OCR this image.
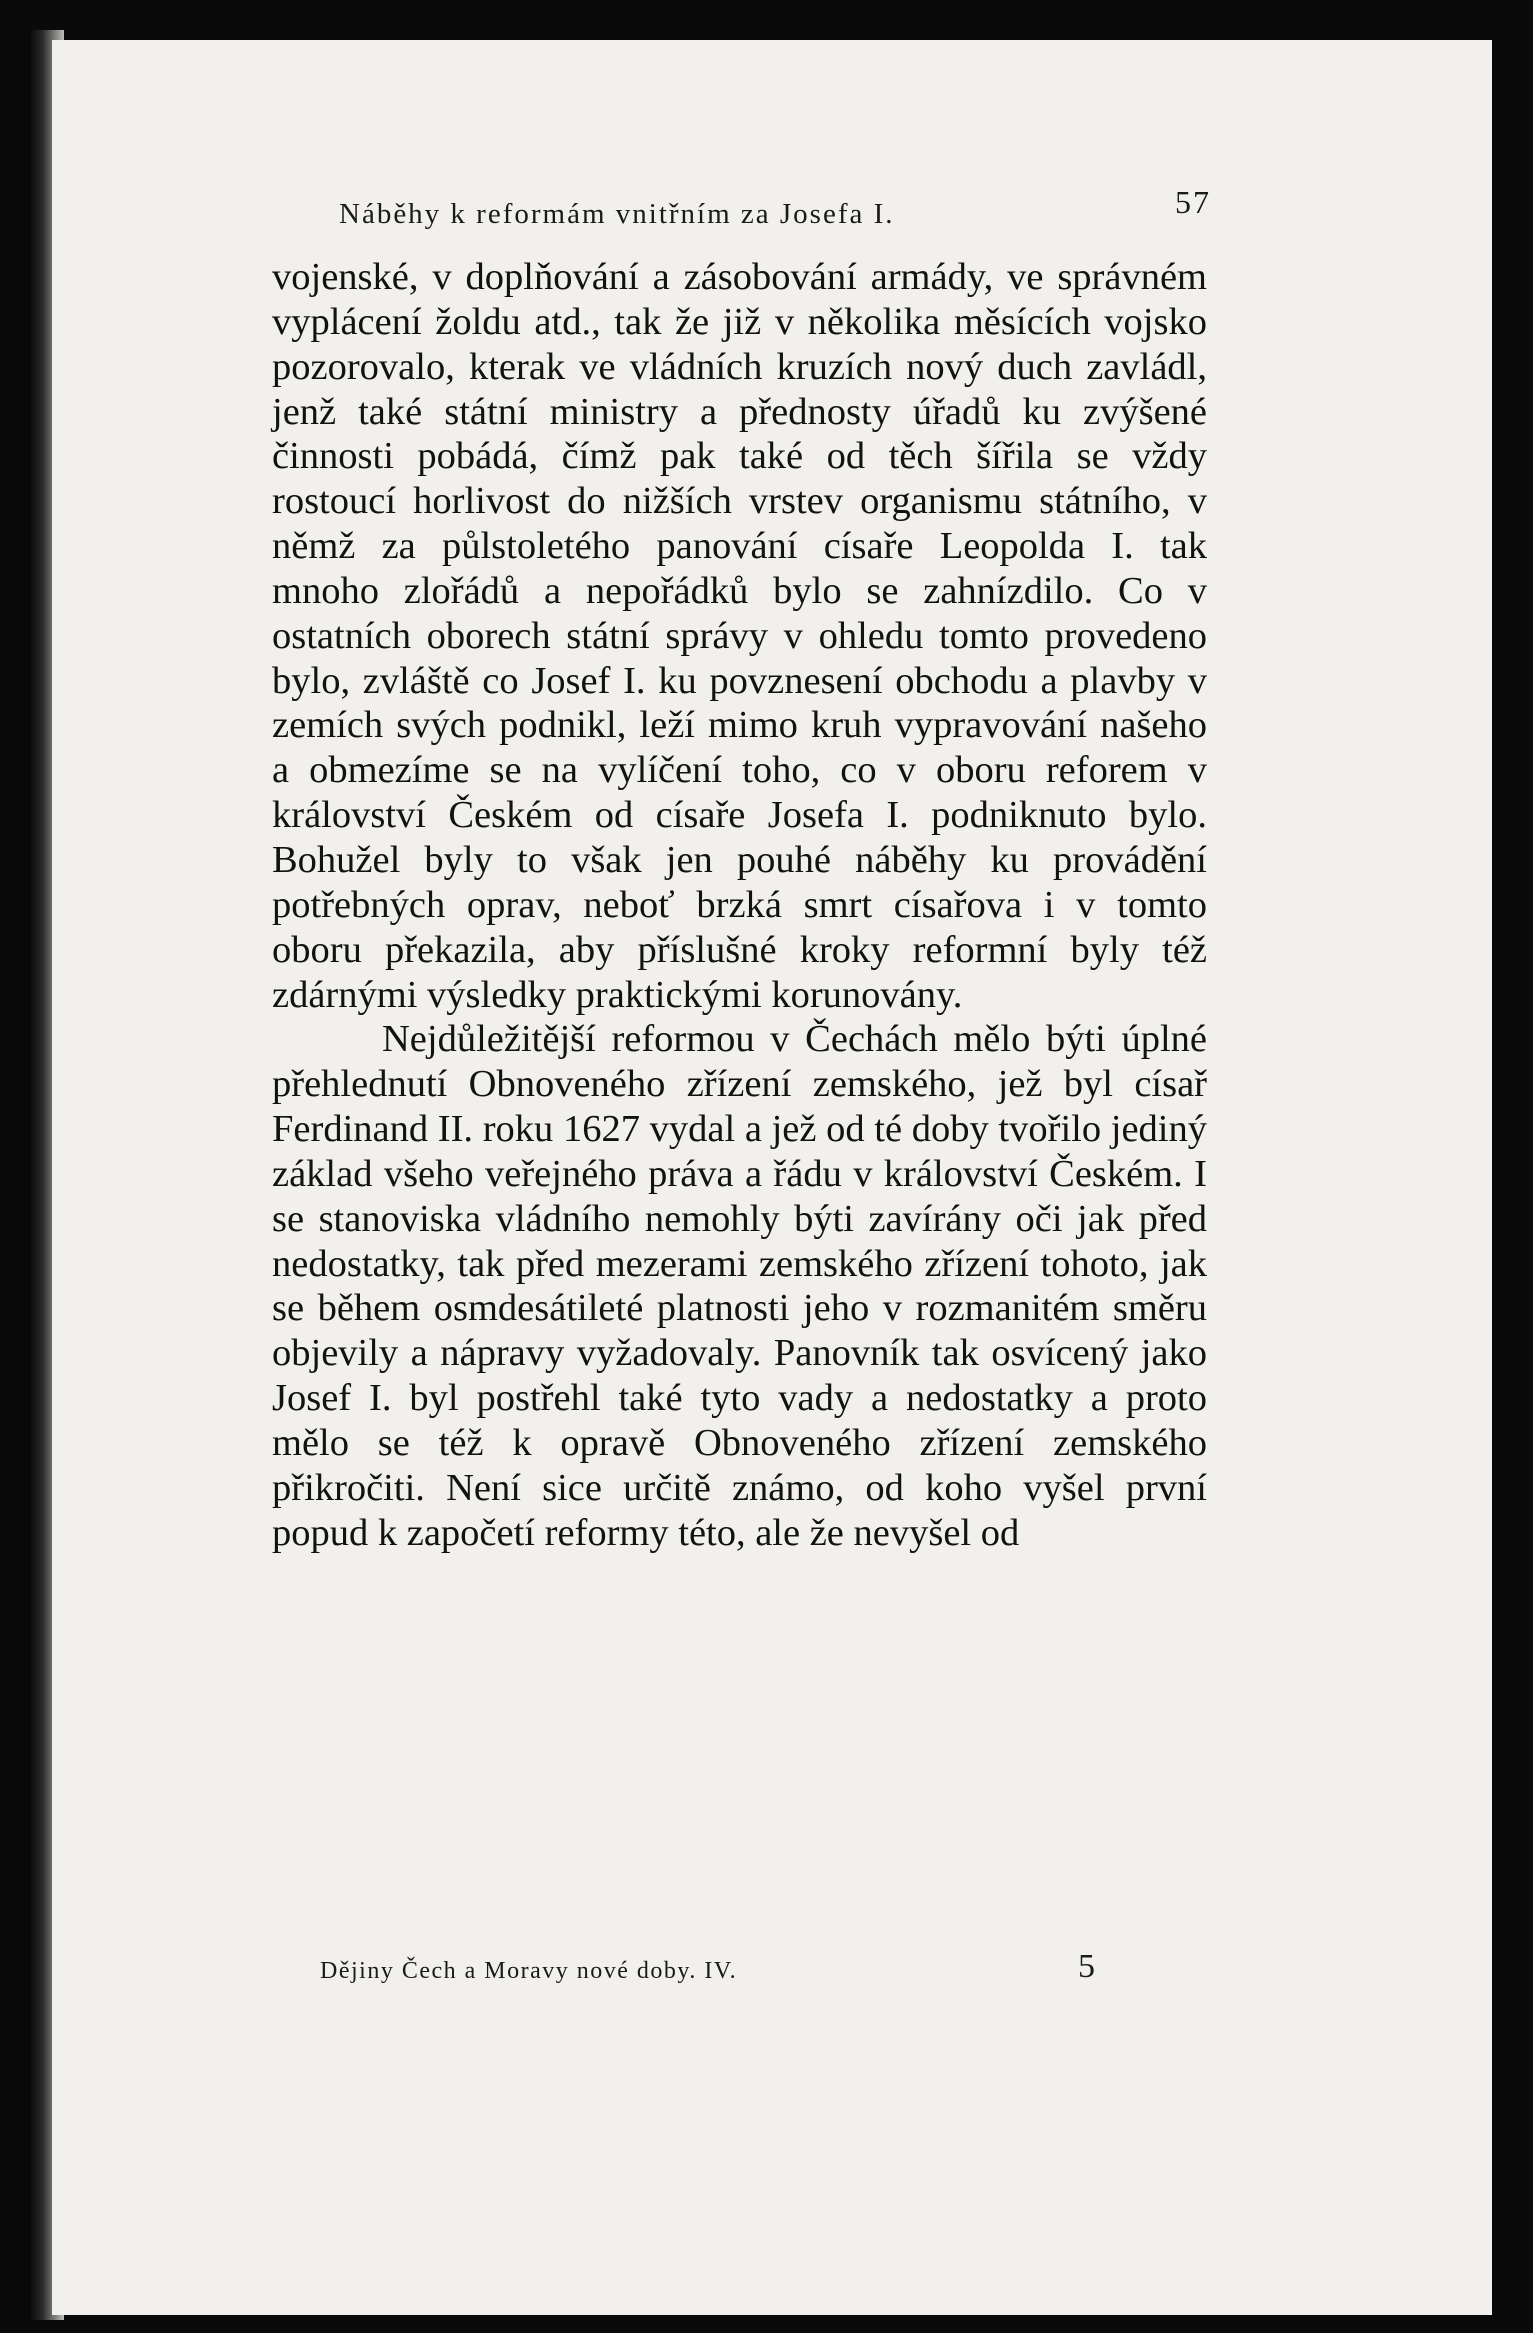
Náběhy k reformám vnitřním za Josefa I.	57

vojenské, v doplňování a zásobování armády, ve správném vyplácení žoldu atd., tak že již v několika měsících vojsko pozorovalo, kterak ve vládních kruzích nový duch zavládl, jenž také státní ministry a přednosty úřadů ku zvýšené činnosti pobádá, čímž pak také od těch šířila se vždy rostoucí horlivost do nižších vrstev organismu státního, v němž za půlstoletého panování císaře Leopolda I. tak mnoho zlořádů a nepořádků bylo se zahnízdilo. Co v ostatních oborech státní správy v ohledu tomto provedeno bylo, zvláště co Josef I. ku povznesení obchodu a plavby v zemích svých podnikl, leží mimo kruh vypravování našeho a obmezíme se na vylíčení toho, co v oboru reforem v království Českém od císaře Josefa I. podniknuto bylo. Bohužel byly to však jen pouhé náběhy ku provádění potřebných oprav, neboť brzká smrt císařova i v tomto oboru překazila, aby příslušné kroky reformní byly též zdárnými výsledky praktickými korunovány.

Nejdůležitější reformou v Čechách mělo býti úplné přehlednutí Obnoveného zřízení zemského, jež byl císař Ferdinand II. roku 1627 vydal a jež od té doby tvořilo jediný základ všeho veřejného práva a řádu v království Českém. I se stanoviska vládního nemohly býti zavírány oči jak před nedostatky, tak před mezerami zemského zřízení tohoto, jak se během osmdesátileté platnosti jeho v rozmanitém směru objevily a nápravy vyžadovaly. Panovník tak osvícený jako Josef I. byl postřehl také tyto vady a nedostatky a proto mělo se též k opravě Obnoveného zřízení zemského přikročiti. Není sice určitě známo, od koho vyšel první popud k započetí reformy této, ale že nevyšel od

Dějiny Čech a Moravy nové doby. IV.	5
